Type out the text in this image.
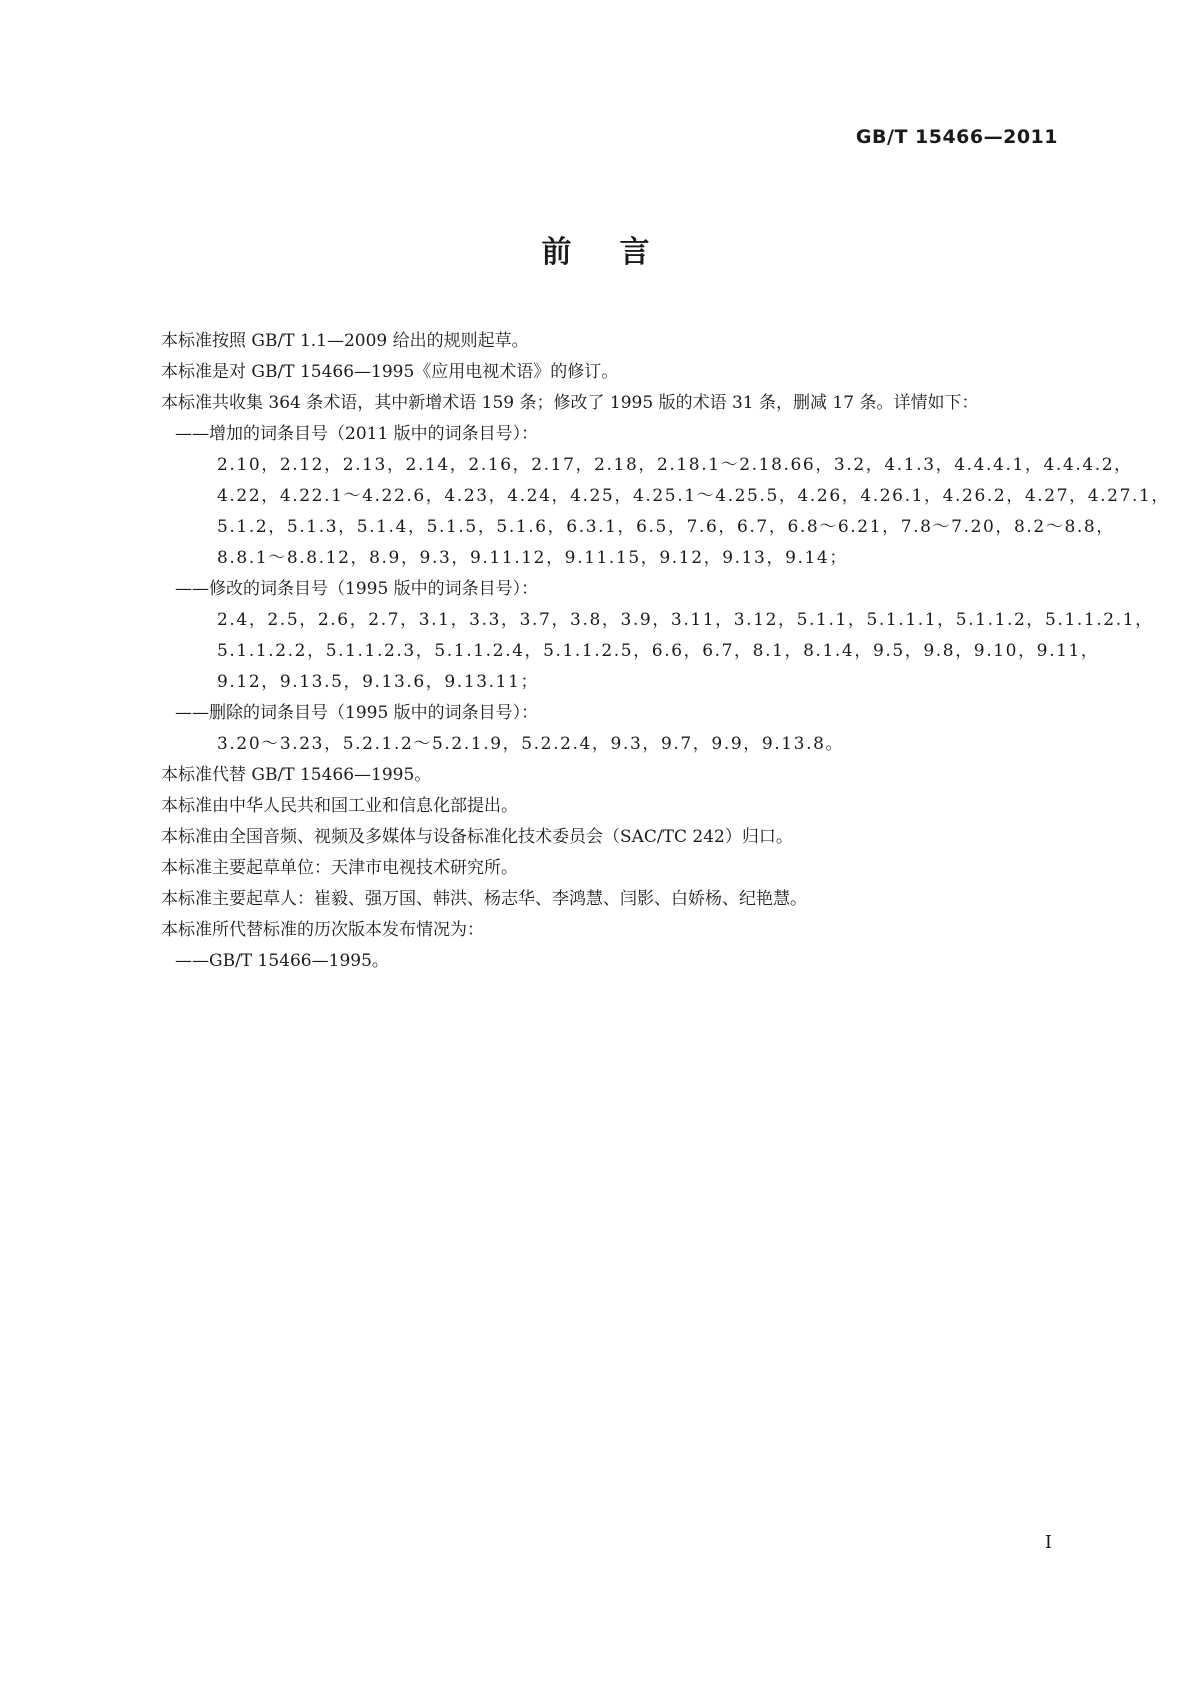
GB/T 15466—2011
前言

本标准按照 GB/T 1.1—2009 给出的规则起草。

本标准是对 GB/T 15466—1995《应用电视术语》的修订。

本标准共收集 364 条术语，其中新增术语 159 条；修改了 1995 版的术语 31 条，删减 17 条。详情如下：

——增加的词条目号（2011 版中的词条目号）：

2.10，2.12，2.13，2.14，2.16，2.17，2.18，2.18.1～2.18.66，3.2，4.1.3，4.4.4.1，4.4.4.2，
4.22，4.22.1～4.22.6，4.23，4.24，4.25，4.25.1～4.25.5，4.26，4.26.1，4.26.2，4.27，4.27.1，
5.1.2，5.1.3，5.1.4，5.1.5，5.1.6，6.3.1，6.5，7.6，6.7，6.8～6.21，7.8～7.20，8.2～8.8，
8.8.1～8.8.12，8.9，9.3，9.11.12，9.11.15，9.12，9.13，9.14；

——修改的词条目号（1995 版中的词条目号）：

2.4，2.5，2.6，2.7，3.1，3.3，3.7，3.8，3.9，3.11，3.12，5.1.1，5.1.1.1，5.1.1.2，5.1.1.2.1，
5.1.1.2.2，5.1.1.2.3，5.1.1.2.4，5.1.1.2.5，6.6，6.7，8.1，8.1.4，9.5，9.8，9.10，9.11，
9.12，9.13.5，9.13.6，9.13.11；

——删除的词条目号（1995 版中的词条目号）：

3.20～3.23，5.2.1.2～5.2.1.9，5.2.2.4，9.3，9.7，9.9，9.13.8。

本标准代替 GB/T 15466—1995。

本标准由中华人民共和国工业和信息化部提出。

本标准由全国音频、视频及多媒体与设备标准化技术委员会（SAC/TC 242）归口。

本标准主要起草单位：天津市电视技术研究所。

本标准主要起草人：崔毅、强万国、韩洪、杨志华、李鸿慧、闫影、白娇杨、纪艳慧。

本标准所代替标准的历次版本发布情况为：

——GB/T 15466—1995。

I
